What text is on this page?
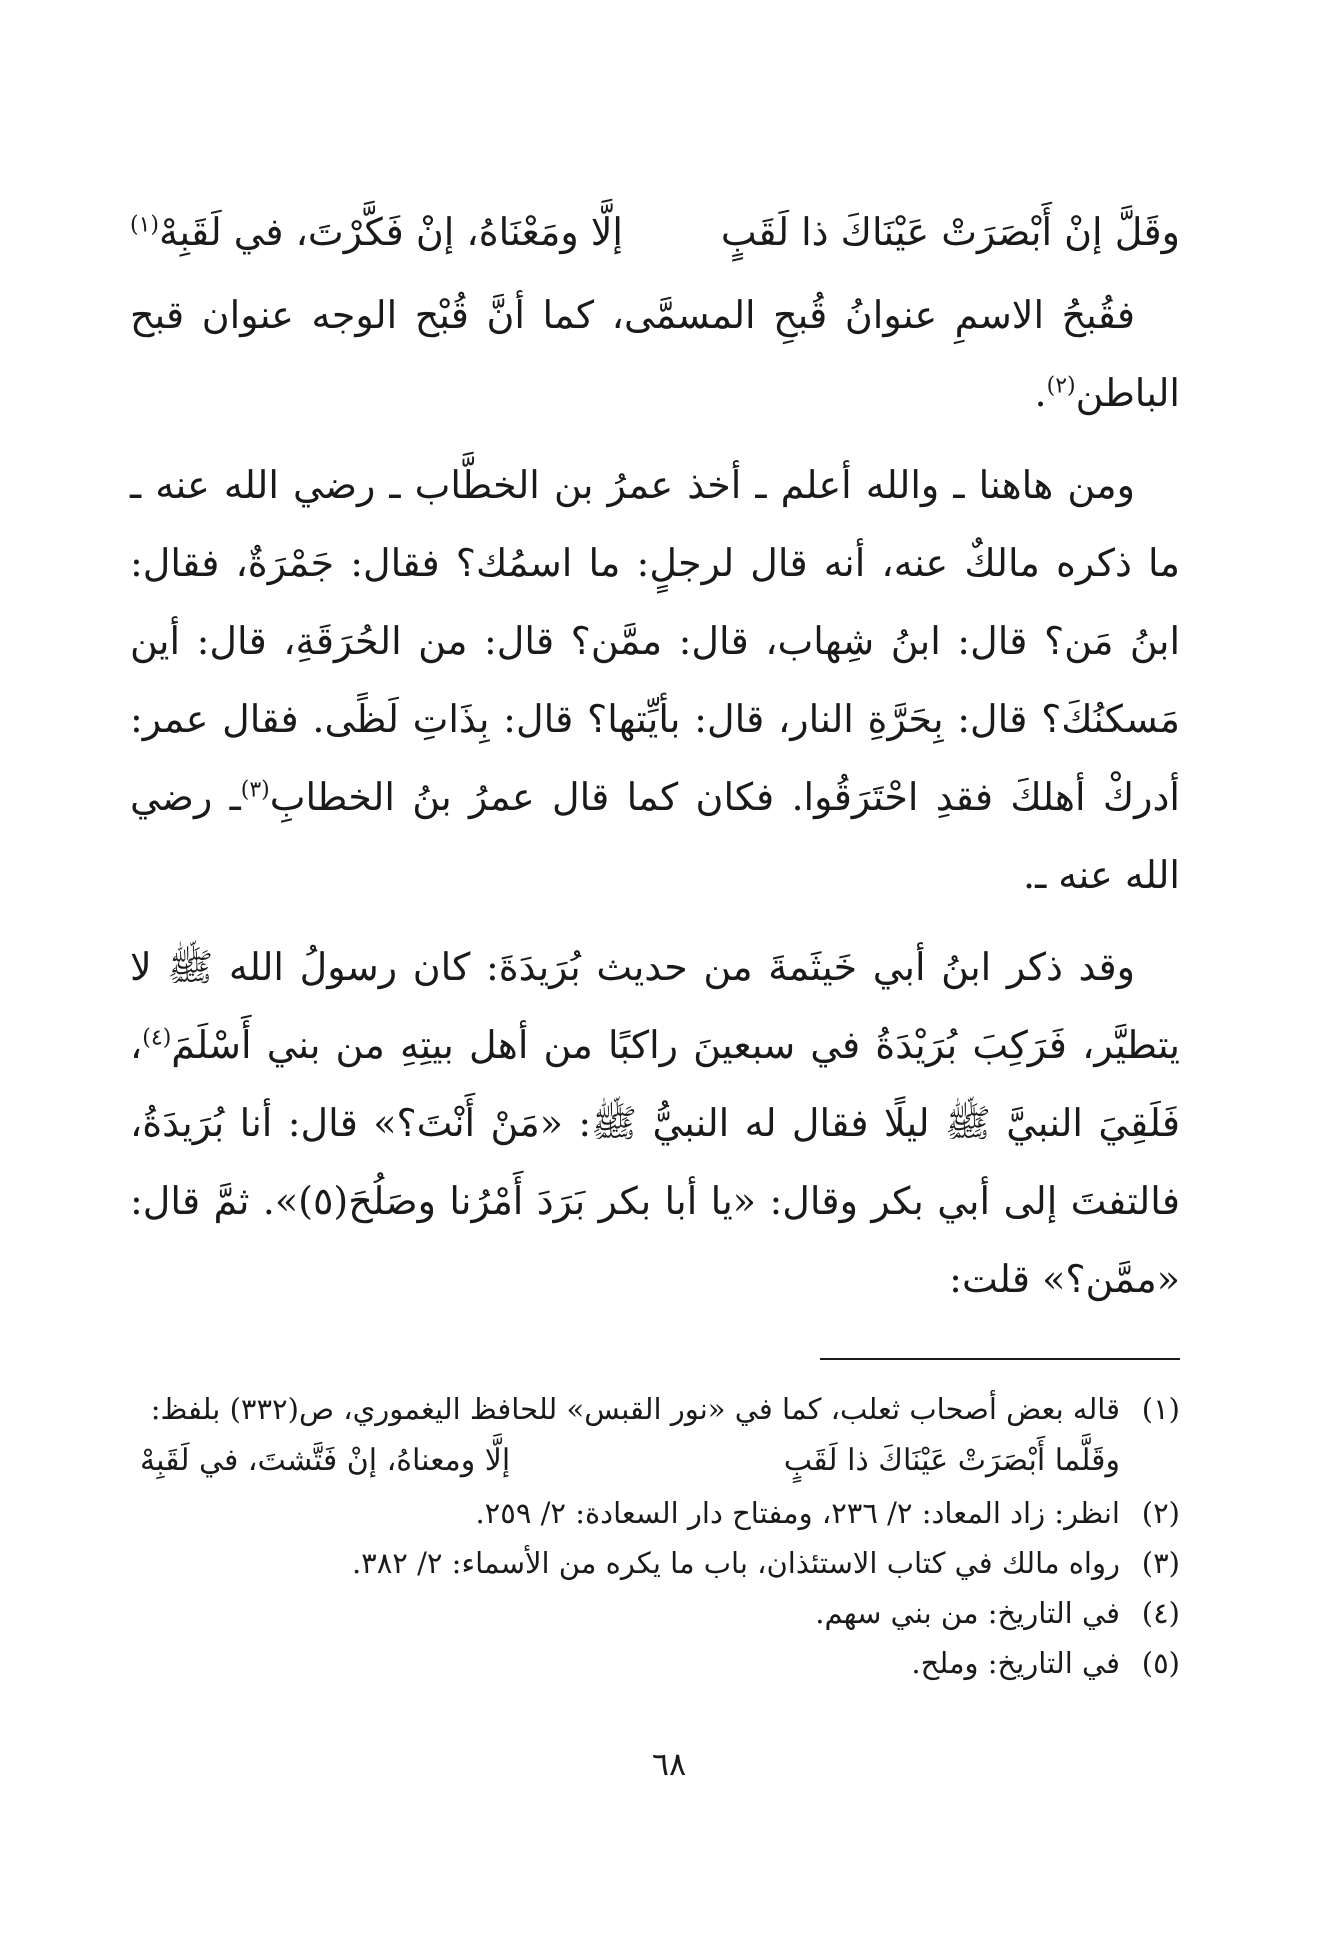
وقَلَّ إنْ أَبْصَرَتْ عَيْنَاكَ ذا لَقَبٍ
إلَّا ومَعْنَاهُ، إنْ فَكَّرْتَ، في لَقَبِهْ$^{(١)}$

فقُبحُ الاسمِ عنوانُ قُبحِ المسمَّى، كما أنَّ قُبْح الوجه عنوان قبح الباطن$^{(٢)}$.

ومن هاهنا ـ والله أعلم ـ أخذ عمرُ بن الخطَّاب ـ رضي الله عنه ـ ما ذكره مالكٌ عنه، أنه قال لرجلٍ: ما اسمُك؟ فقال: جَمْرَةٌ، فقال: ابنُ مَن؟ قال: ابنُ شِهاب، قال: ممَّن؟ قال: من الحُرَقَةِ، قال: أين مَسكنُكَ؟ قال: بِحَرَّةِ النار، قال: بأيِّتها؟ قال: بِذَاتِ لَظًى. فقال عمر: أدركْ أهلكَ فقدِ احْتَرَقُوا. فكان كما قال عمرُ بنُ الخطابِ$^{(٣)}$ـ رضي الله عنه ـ.

وقد ذكر ابنُ أبي خَيثَمةَ من حديث بُرَيدَةَ: كان رسولُ الله ﷺ لا يتطيَّر، فَرَكِبَ بُرَيْدَةُ في سبعينَ راكبًا من أهل بيتِهِ من بني أَسْلَمَ$^{(٤)}$، فَلَقِيَ النبيَّ ﷺ ليلًا فقال له النبيُّ ﷺ: «مَنْ أَنْتَ؟» قال: أنا بُرَيدَةُ، فالتفتَ إلى أبي بكر وقال: «يا أبا بكر بَرَدَ أَمْرُنا وصَلُحَ(٥)». ثمَّ قال: «ممَّن؟» قلت:

(١)قاله بعض أصحاب ثعلب، كما في «نور القبس» للحافظ اليغموري، ص(٣٣٢) بلفظ:
وقَلَّما أَبْصَرَتْ عَيْنَاكَ ذا لَقَبٍ
إلَّا ومعناهُ، إنْ فَتَّشتَ، في لَقَبِهْ
(٢)انظر: زاد المعاد: ٢/ ٢٣٦، ومفتاح دار السعادة: ٢/ ٢٥٩.
(٣)رواه مالك في كتاب الاستئذان، باب ما يكره من الأسماء: ٢/ ٣٨٢.
(٤)في التاريخ: من بني سهم.
(٥)في التاريخ: وملح.
٦٨
